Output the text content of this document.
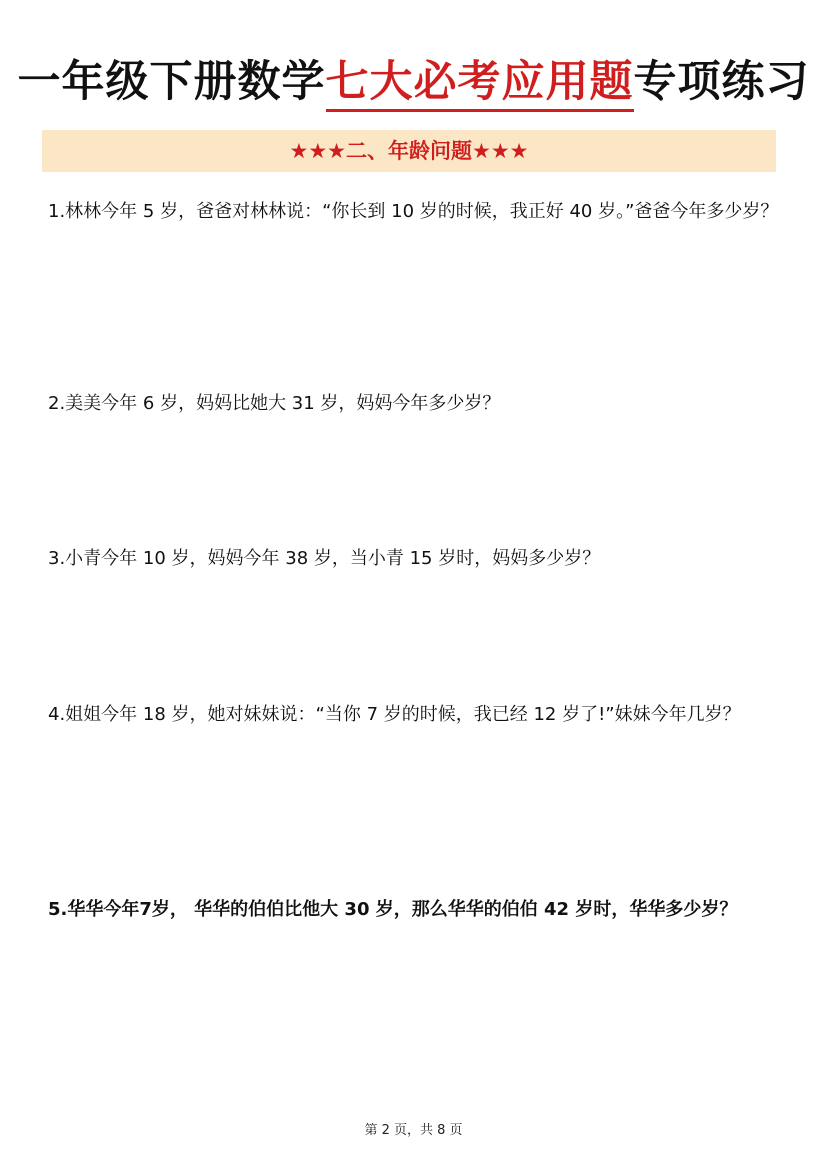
一年级下册数学七大必考应用题专项练习
★★★二、年龄问题★★★
1.林林今年 5 岁，爸爸对林林说：“你长到 10 岁的时候，我正好 40 岁。”爸爸今年多少岁？
2.美美今年 6 岁，妈妈比她大 31 岁，妈妈今年多少岁？
3.小青今年 10 岁，妈妈今年 38 岁，当小青 15 岁时，妈妈多少岁？
4.姐姐今年 18 岁，她对妹妹说：“当你 7 岁的时候，我已经 12 岁了!”妹妹今年几岁？
5.华华今年7岁， 华华的伯伯比他大 30 岁，那么华华的伯伯 42 岁时，华华多少岁？
第 2 页，共 8 页
